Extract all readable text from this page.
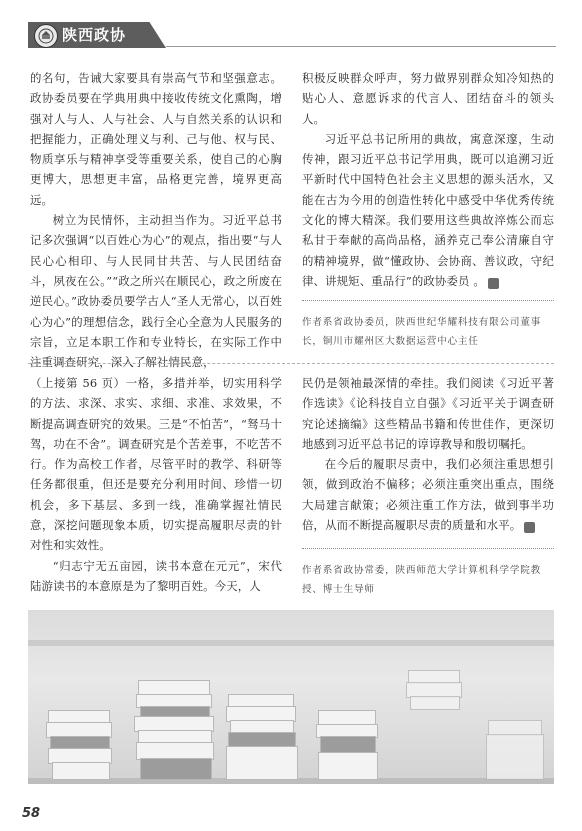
陕西政协

的名句，告诫大家要具有崇高气节和坚强意志。政协委员要在学典用典中接收传统文化熏陶，增强对人与人、人与社会、人与自然关系的认识和把握能力，正确处理义与利、己与他、权与民、物质享乐与精神享受等重要关系，使自己的心胸更博大，思想更丰富，品格更完善，境界更高远。

树立为民情怀，主动担当作为。习近平总书记多次强调“以百姓心为心”的观点，指出要“与人民心心相印、与人民同甘共苦、与人民团结奋斗，夙夜在公。”“政之所兴在顺民心，政之所废在逆民心。”政协委员要学古人“圣人无常心，以百姓心为心”的理想信念，践行全心全意为人民服务的宗旨，立足本职工作和专业特长，在实际工作中注重调查研究，深入了解社情民意，

积极反映群众呼声，努力做界别群众知冷知热的贴心人、意愿诉求的代言人、团结奋斗的领头人。

习近平总书记所用的典故，寓意深邃，生动传神，跟习近平总书记学用典，既可以追溯习近平新时代中国特色社会主义思想的源头活水，又能在古为今用的创造性转化中感受中华优秀传统文化的博大精深。我们要用这些典故淬炼公而忘私甘于奉献的高尚品格，涵养克己奉公清廉自守的精神境界，做“懂政协、会协商、善议政，守纪律、讲规矩、重品行”的政协委员 。	◙

作者系省政协委员，陕西世纪华耀科技有限公司董事长，铜川市耀州区大数据运营中心主任

（上接第 56 页）一格，多措并举，切实用科学的方法、求深、求实、求细、求准、求效果，不断提高调查研究的效果。三是“不怕苦”，“驽马十驾，功在不舍”。调查研究是个苦差事，不吃苦不行。作为高校工作者，尽管平时的教学、科研等任务都很重，但还是要充分利用时间、珍惜一切机会，多下基层、多到一线，准确掌握社情民意，深挖问题现象本质，切实提高履职尽责的针对性和实效性。

“归志宁无五亩园，读书本意在元元”，宋代陆游读书的本意原是为了黎明百姓。今天，人

民仍是领袖最深情的牵挂。我们阅读《习近平著作选读》《论科技自立自强》《习近平关于调查研究论述摘编》这些精品书籍和传世佳作，更深切地感到习近平总书记的谆谆教导和殷切嘱托。

在今后的履职尽责中，我们必须注重思想引领，做到政治不偏移；必须注重突出重点，围绕大局建言献策；必须注重工作方法，做到事半功倍，从而不断提高履职尽责的质量和水平。	◙

作者系省政协常委，陕西师范大学计算机科学学院教授、博士生导师
58
